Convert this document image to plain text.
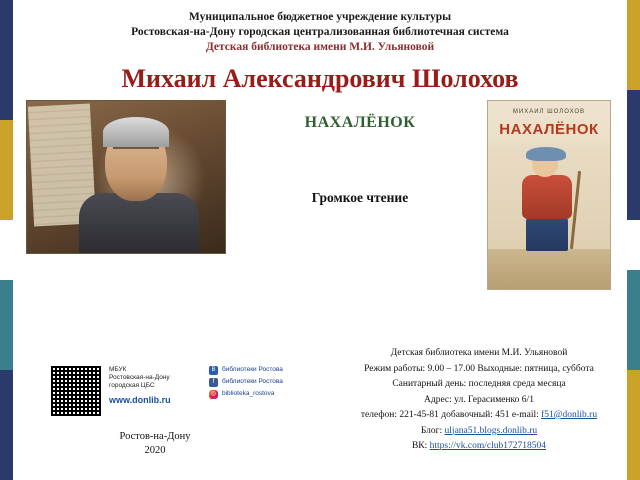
Муниципальное бюджетное учреждение культуры
Ростовская-на-Дону городская централизованная библиотечная система
Детская библиотека имени М.И. Ульяновой
Михаил Александрович Шолохов
НАХАЛЁНОК
Громкое чтение
МИХАИЛ ШОЛОХОВ
НАХАЛЁНОК
МБУК
Ростовская-на-Дону
городская ЦБС
www.donlib.ru
B	библиотеки Ростова
f	библиотеки Ростова
◎ biblioteka_rostova
Ростов-на-Дону
2020
Детская библиотека имени М.И. Ульяновой
Режим работы: 9.00 – 17.00 Выходные: пятница, суббота
Санитарный день: последняя среда месяца
Адрес: ул. Герасименко 6/1
телефон: 221-45-81 добавочный: 451 e-mail: f51@donlib.ru
Блог: uljana51.blogs.donlib.ru
ВК: https://vk.com/club172718504
